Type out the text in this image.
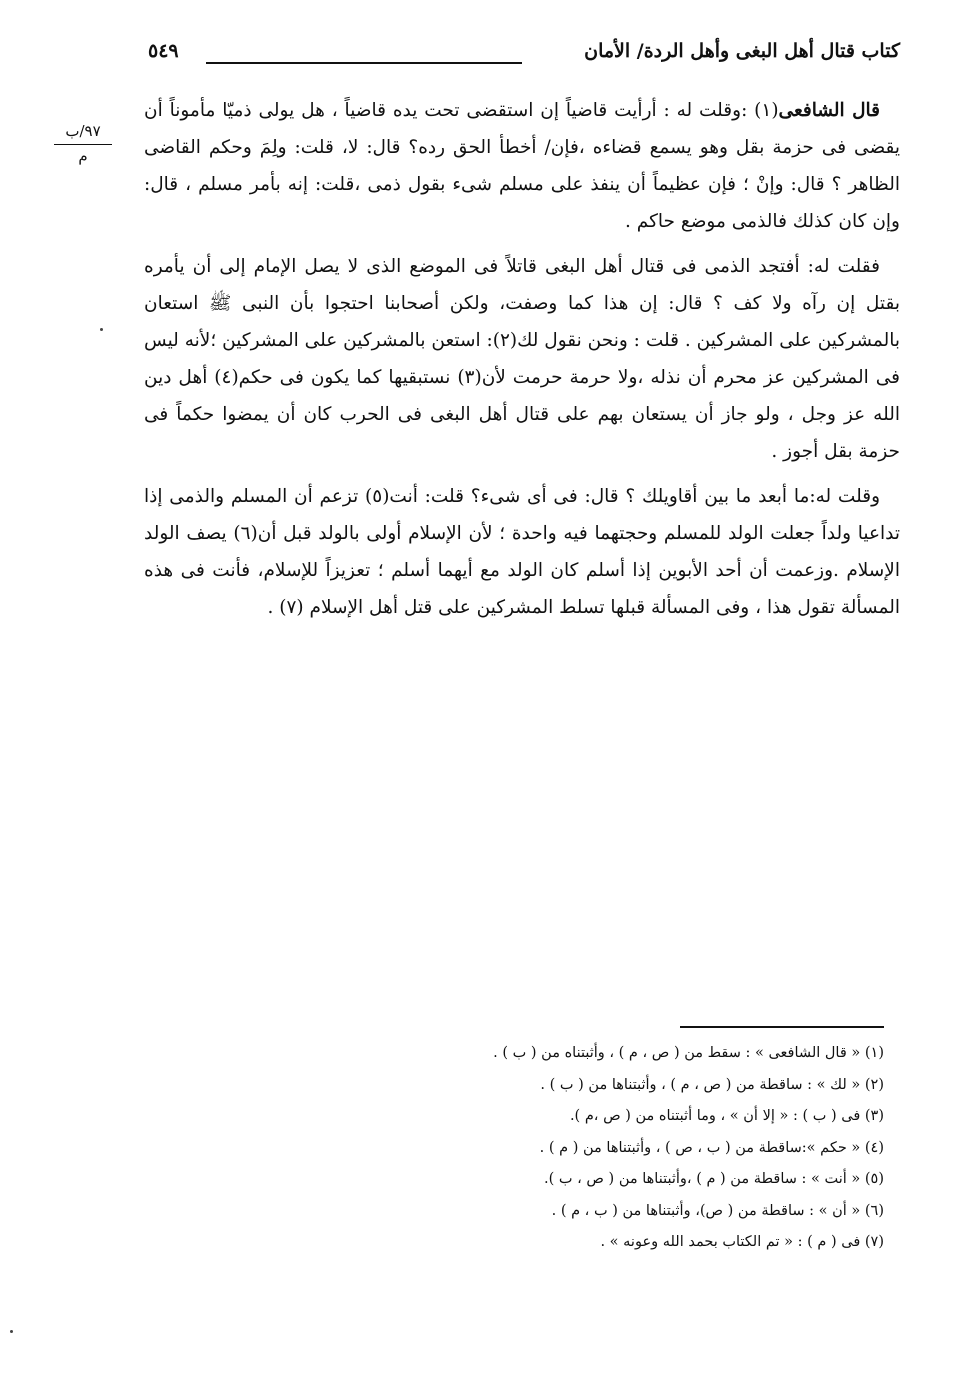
كتاب قتال أهل البغى وأهل الردة/ الأمان
٥٤٩
٩٧/ب
م

قال الشافعى(١) :وقلت له : أرأيت قاضياً إن استقضى تحت يده قاضياً ، هل يولى ذميّا مأموناً أن يقضى فى حزمة بقل وهو يسمع قضاءه ،فإن/ أخطأ الحق رده؟ قال: لا، قلت: ولِمَ وحكم القاضى الظاهر ؟ قال: وإنْ ؛ فإن عظيماً أن ينفذ على مسلم شىء بقول ذمى ،قلت: إنه بأمر مسلم ، قال: وإن كان كذلك فالذمى موضع حاكم .

فقلت له: أفتجد الذمى فى قتال أهل البغى قاتلاً فى الموضع الذى لا يصل الإمام إلى أن يأمره بقتل إن رآه ولا كف ؟ قال: إن هذا كما وصفت، ولكن أصحابنا احتجوا بأن النبى ﷺ استعان بالمشركين على المشركين . قلت : ونحن نقول لك(٢): استعن بالمشركين على المشركين ؛لأنه ليس فى المشركين عز محرم أن نذله ،ولا حرمة حرمت لأن(٣) نستبقيها كما يكون فى حكم(٤) أهل دين الله عز وجل ، ولو جاز أن يستعان بهم على قتال أهل البغى فى الحرب كان أن يمضوا حكماً فى حزمة بقل أجوز .

وقلت له:ما أبعد ما بين أقاويلك ؟ قال: فى أى شىء؟ قلت: أنت(٥) تزعم أن المسلم والذمى إذا تداعيا ولداً جعلت الولد للمسلم وحجتهما فيه واحدة ؛ لأن الإسلام أولى بالولد قبل أن(٦) يصف الولد الإسلام .وزعمت أن أحد الأبوين إذا أسلم كان الولد مع أيهما أسلم ؛ تعزيزاً للإسلام، فأنت فى هذه المسألة تقول هذا ، وفى المسألة قبلها تسلط المشركين على قتل أهل الإسلام (٧) .

(١) « قال الشافعى » : سقط من ( ص ، م ) ، وأثبتناه من ( ب ) .
(٢) « لك » : ساقطة من ( ص ، م ) ، وأثبتناها من ( ب ) .
(٣) فى ( ب ) : « إلا أن » ، وما أثبتناه من ( ص ،م ).
(٤) « حكم »:ساقطة من ( ب ، ص ) ، وأثبتناها من ( م ) .
(٥) « أنت » : ساقطة من ( م ) ،وأثبتناها من ( ص ، ب ).
(٦) « أن » : ساقطة من ( ص)، وأثبتناها من ( ب ، م ) .
(٧) فى ( م ) : « تم الكتاب بحمد الله وعونه » .
